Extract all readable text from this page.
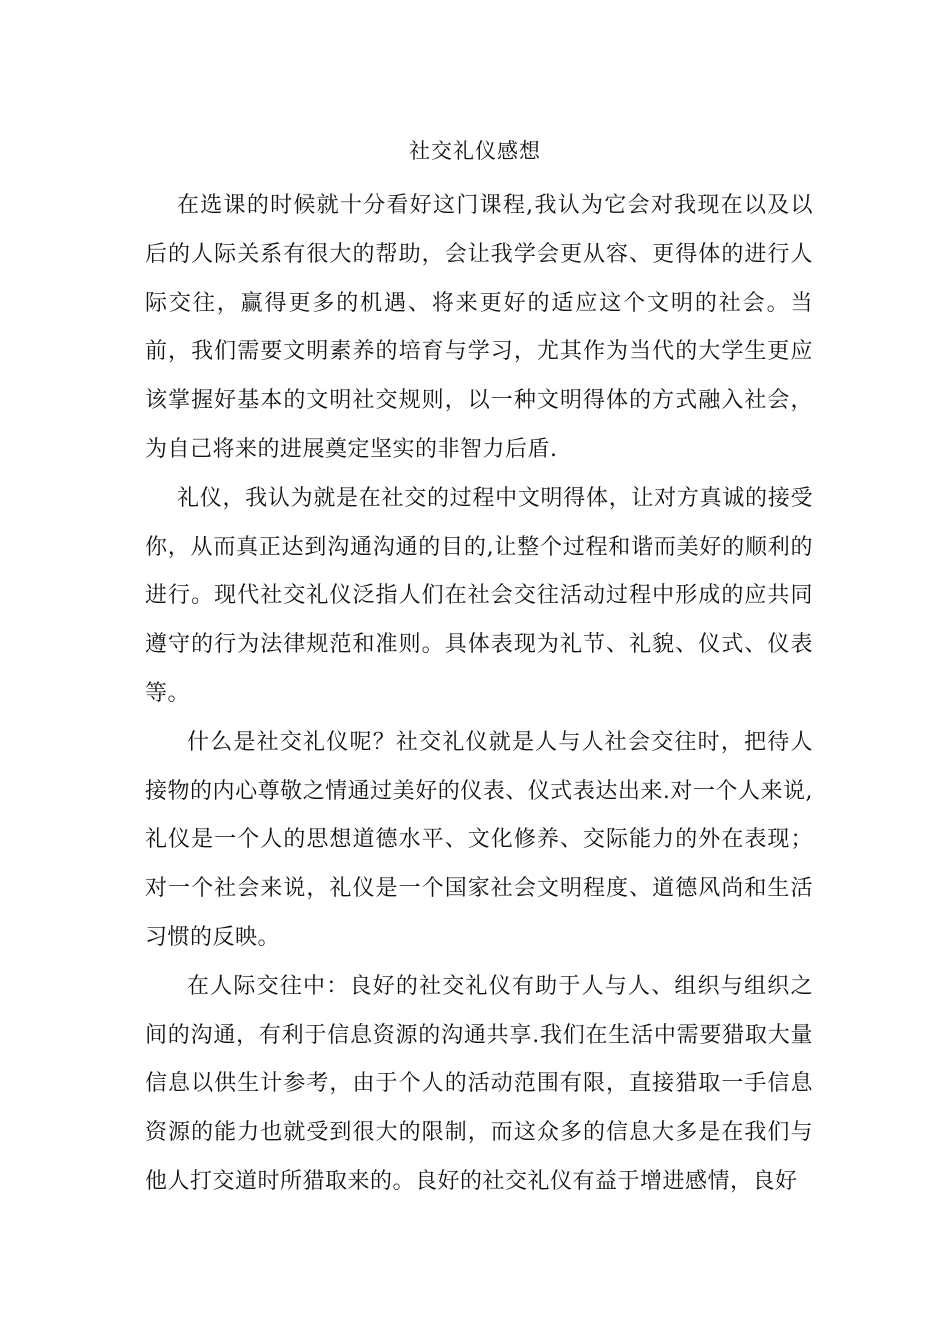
社交礼仪感想

在选课的时候就十分看好这门课程,我认为它会对我现在以及以后的人际关系有很大的帮助，会让我学会更从容、更得体的进行人际交往，赢得更多的机遇、将来更好的适应这个文明的社会。当前，我们需要文明素养的培育与学习，尤其作为当代的大学生更应该掌握好基本的文明社交规则，以一种文明得体的方式融入社会，为自己将来的进展奠定坚实的非智力后盾.

礼仪，我认为就是在社交的过程中文明得体，让对方真诚的接受你，从而真正达到沟通沟通的目的,让整个过程和谐而美好的顺利的进行。现代社交礼仪泛指人们在社会交往活动过程中形成的应共同遵守的行为法律规范和准则。具体表现为礼节、礼貌、仪式、仪表等。

什么是社交礼仪呢？社交礼仪就是人与人社会交往时，把待人接物的内心尊敬之情通过美好的仪表、仪式表达出来.对一个人来说,礼仪是一个人的思想道德水平、文化修养、交际能力的外在表现；对一个社会来说，礼仪是一个国家社会文明程度、道德风尚和生活习惯的反映。

在人际交往中：良好的社交礼仪有助于人与人、组织与组织之间的沟通，有利于信息资源的沟通共享.我们在生活中需要猎取大量信息以供生计参考，由于个人的活动范围有限，直接猎取一手信息资源的能力也就受到很大的限制，而这众多的信息大多是在我们与他人打交道时所猎取来的。良好的社交礼仪有益于增进感情，良好
